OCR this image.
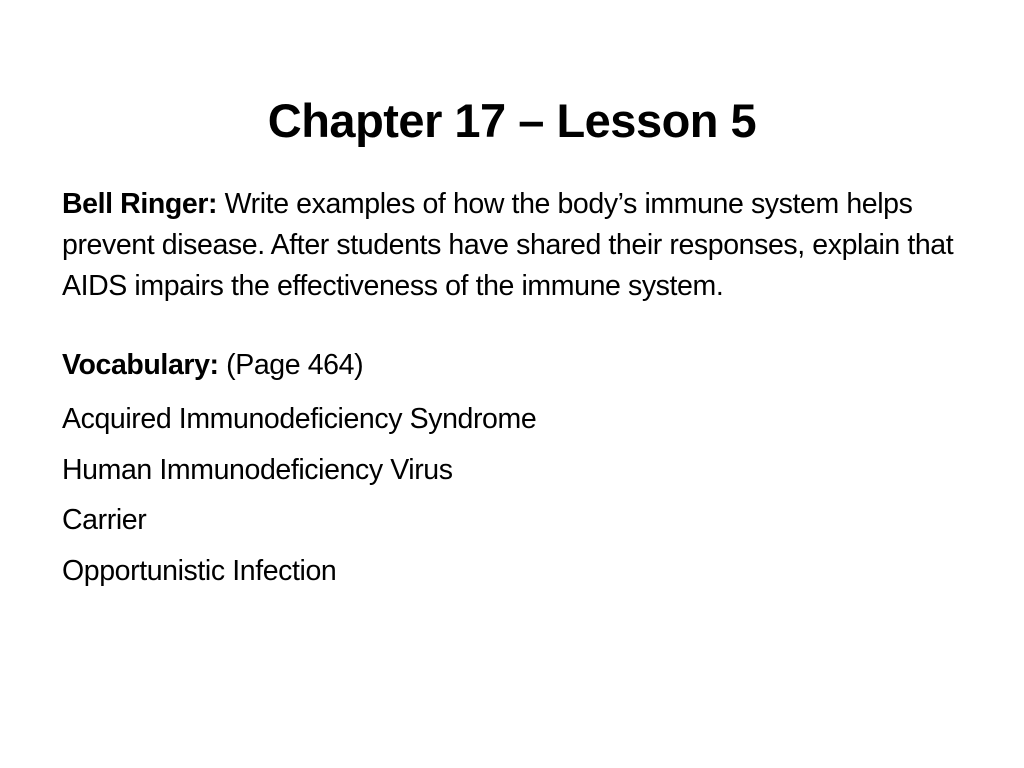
Chapter 17 – Lesson 5

Bell Ringer: Write examples of how the body’s immune system helps prevent disease. After students have shared their responses, explain that AIDS impairs the effectiveness of the immune system.

Vocabulary: (Page 464)

Acquired Immunodeficiency Syndrome
Human Immunodeficiency Virus
Carrier
Opportunistic Infection
